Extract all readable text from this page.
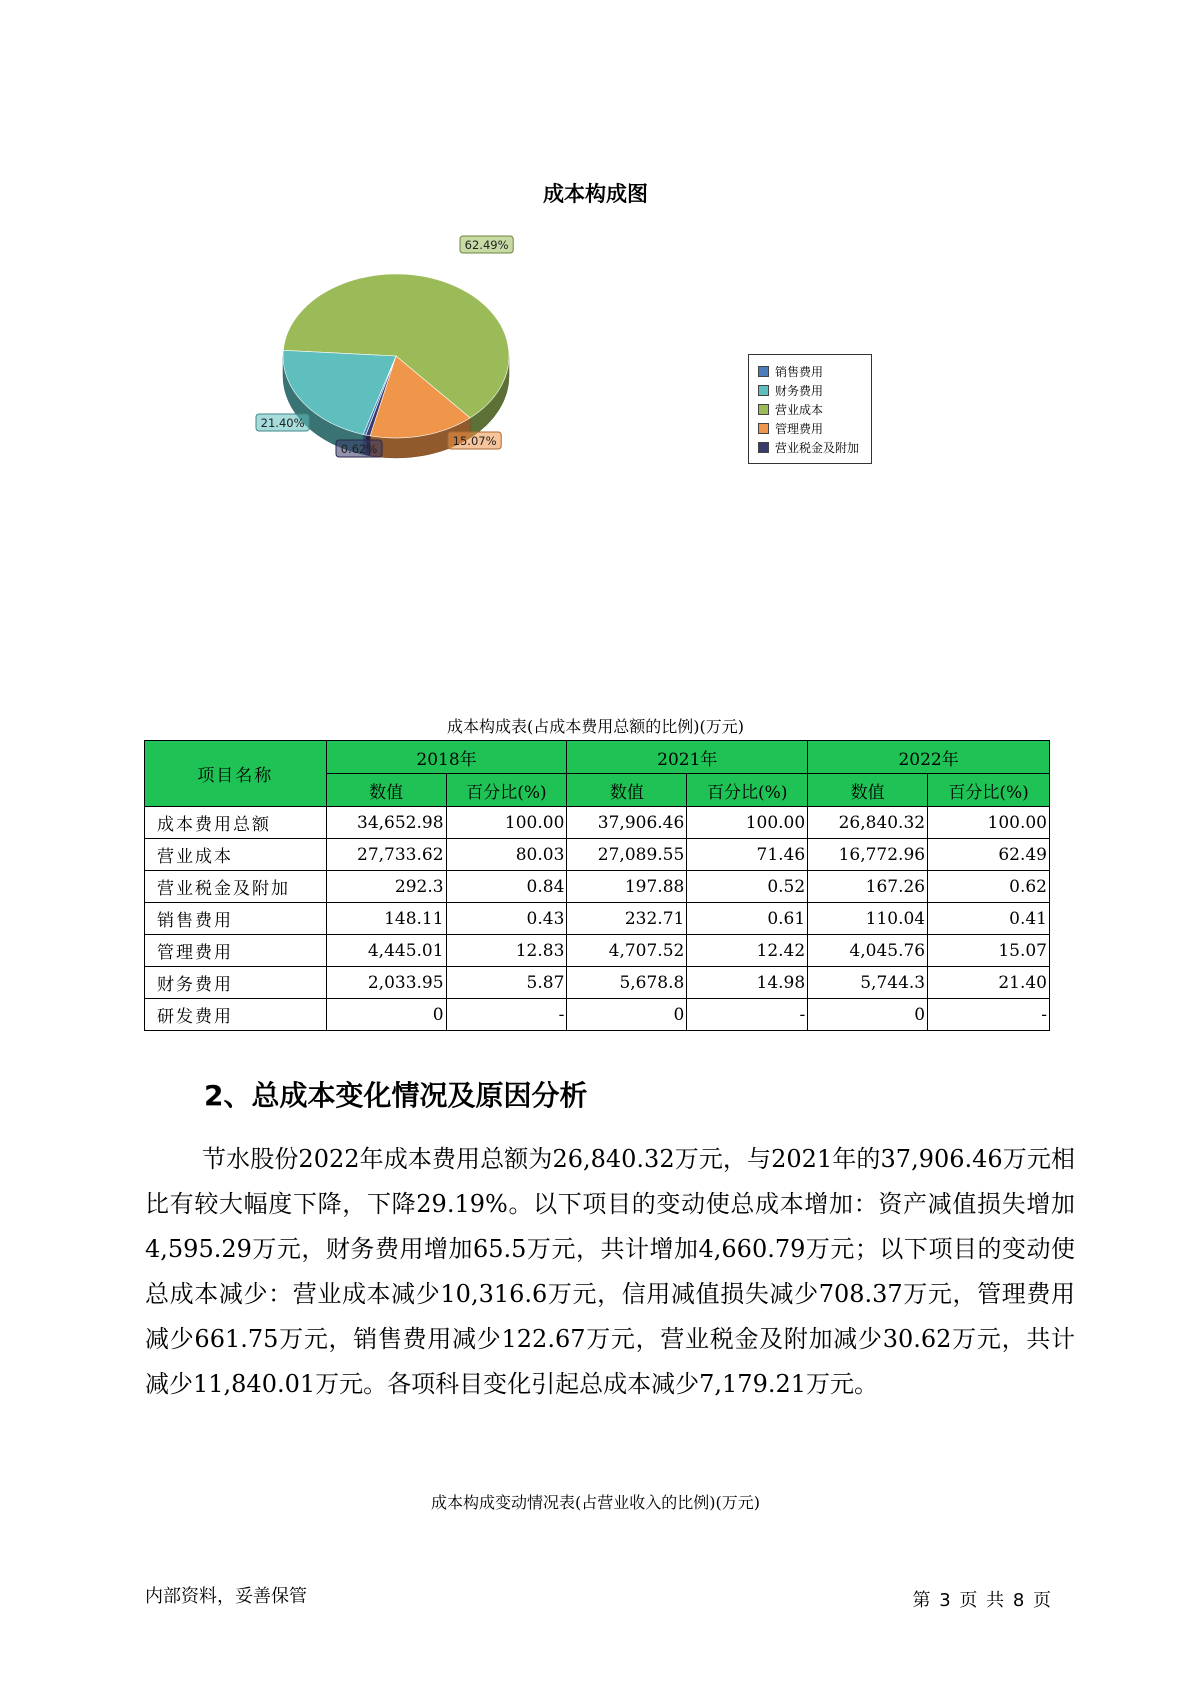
成本构成图
62.49%
15.07%
0.62%
21.40%
销售费用
财务费用
营业成本
管理费用
营业税金及附加
成本构成表(占成本费用总额的比例)(万元)
项目名称	2018年		2021年		2022年	
	数值	百分比(%)	数值	百分比(%)	数值	百分比(%)
成本费用总额	34,652.98	100.00	37,906.46	100.00	26,840.32	100.00
营业成本	27,733.62	80.03	27,089.55	71.46	16,772.96	62.49
营业税金及附加	292.3	0.84	197.88	0.52	167.26	0.62
销售费用	148.11	0.43	232.71	0.61	110.04	0.41
管理费用	4,445.01	12.83	4,707.52	12.42	4,045.76	15.07
财务费用	2,033.95	5.87	5,678.8	14.98	5,744.3	21.40
研发费用	0	-	0	-	0	-
2、总成本变化情况及原因分析
节水股份2022年成本费用总额为26,840.32万元，与2021年的37,906.46万元相比有较大幅度下降，下降29.19%。以下项目的变动使总成本增加：资产减值损失增加4,595.29万元，财务费用增加65.5万元，共计增加4,660.79万元；以下项目的变动使总成本减少：营业成本减少10,316.6万元，信用减值损失减少708.37万元，管理费用减少661.75万元，销售费用减少122.67万元，营业税金及附加减少30.62万元，共计减少11,840.01万元。各项科目变化引起总成本减少7,179.21万元。
成本构成变动情况表(占营业收入的比例)(万元)
内部资料，妥善保管	第 3 页 共 8 页
